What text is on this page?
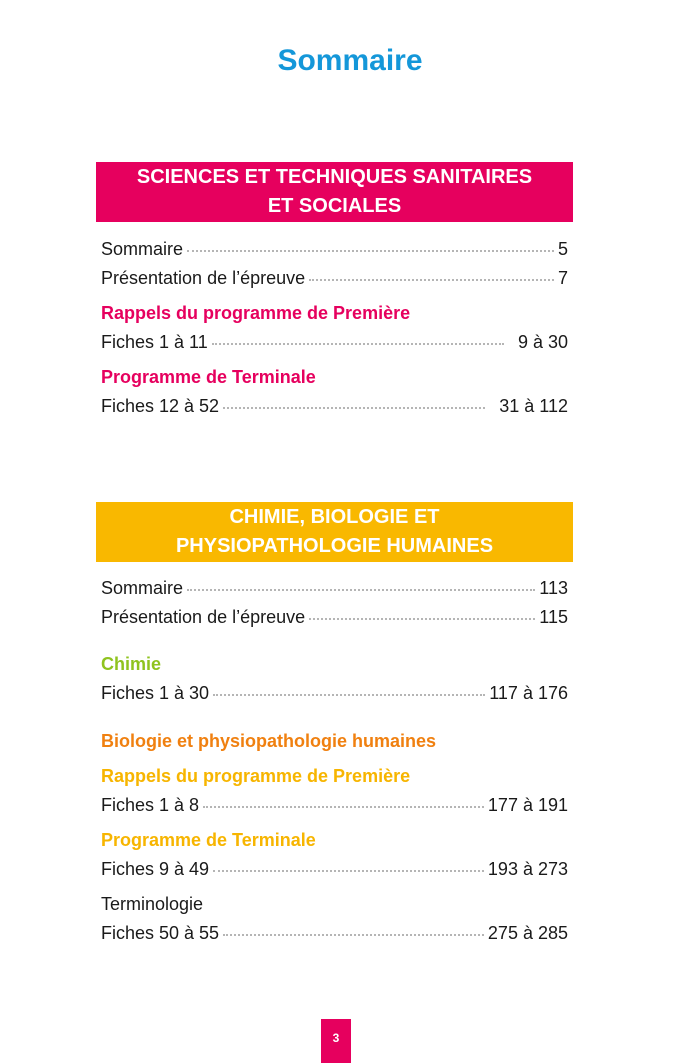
Sommaire
SCIENCES ET TECHNIQUES SANITAIRES
ET SOCIALES
Sommaire	5
Présentation de l’épreuve	7
Rappels du programme de Première
Fiches 1 à 11	9 à 30
Programme de Terminale
Fiches 12 à 52	31 à 112
CHIMIE, BIOLOGIE ET
PHYSIOPATHOLOGIE HUMAINES
Sommaire	113
Présentation de l’épreuve	115
Chimie
Fiches 1 à 30	117 à 176
Biologie et physiopathologie humaines
Rappels du programme de Première
Fiches 1 à 8	177 à 191
Programme de Terminale
Fiches 9 à 49	193 à 273
Terminologie
Fiches 50 à 55	275 à 285
3
